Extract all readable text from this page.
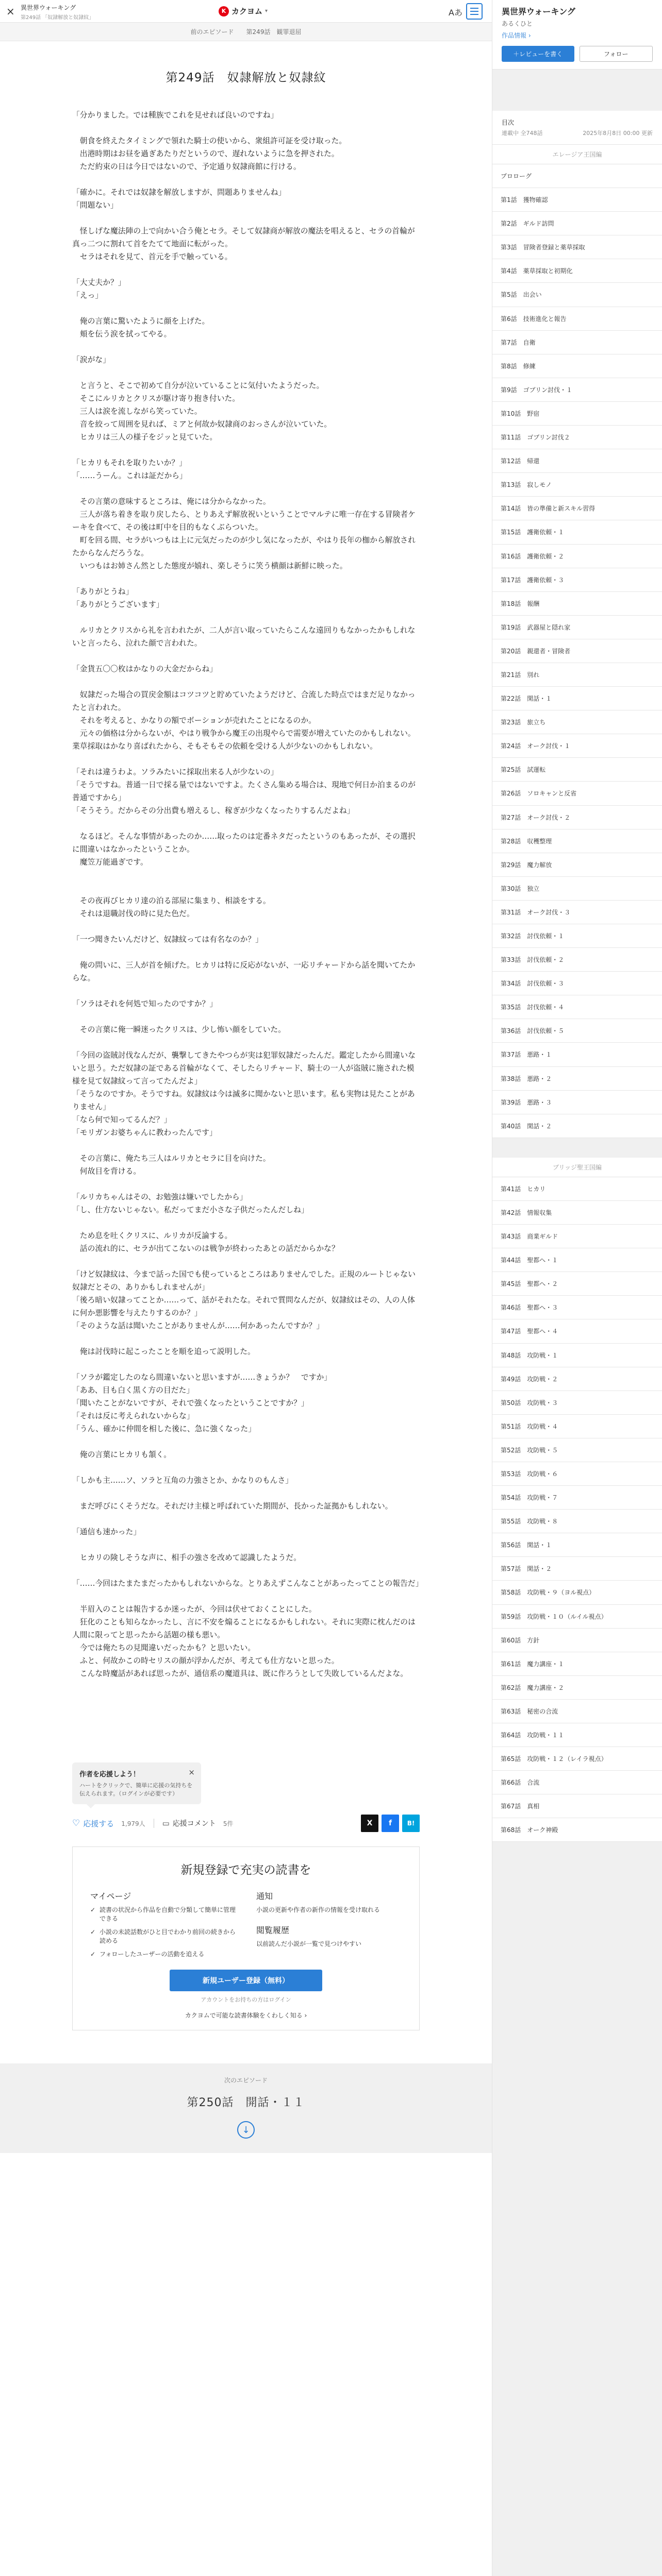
× 異世界ウォーキング
第249話 「奴隷解放と奴隷紋」
K カクヨム ▾	Aあ
前のエピソード 第249話　観罪退屈
第249話　奴隷解放と奴隷紋

「分かりました。では種族でこれを見せれば良いのですね」

　朝食を終えたタイミングで領れた騎士の使いから、衆組許可証を受け取った。

　出港時期はお昼を過ぎあたりだというので、遅れないように急を押された。

　ただ約束の日は今日ではないので、予定通り奴隷商館に行ける。

「確かに。それでは奴隷を解放しますが、問題ありませんね」

「問題ない」

　怪しげな魔法陣の上で向かい合う俺とセラ。そして奴隷商が解放の魔法を唱えると、セラの首輪が真っ二つに割れて首をたてて地面に転がった。

　セラはそれを見て、首元を手で触っている。

「大丈夫か？」

「えっ」

　俺の言葉に驚いたように顔を上げた。

　頬を伝う涙を拭ってやる。

「涙がな」

　と言うと、そこで初めて自分が泣いていることに気付いたようだった。

　そこにルリカとクリスが駆け寄り抱き付いた。

　三人は涙を流しながら笑っていた。

　音を絞って周囲を見れば、ミアと何故か奴隷商のおっさんが泣いていた。

　ヒカリは三人の様子をジッと見ていた。

「ヒカリもそれを取りたいか？」

「……うーん。これは証だから」

　その言葉の意味するところは、俺には分からなかった。

　三人が落ち着きを取り戻したら、とりあえず解放祝いということでマルテに唯一存在する冒険者ケーキを食べて、その後は町中を目的もなくぶらついた。

　町を回る間、セラがいつもは上に元気だったのが少し気になったが、やはり長年の枷から解放されたからなんだろうな。

　いつもはお姉さん然とした態度が嬉れ、楽しそうに笑う横顔は新鮮に映った。

「ありがとうね」

「ありがとうございます」

　ルリカとクリスから礼を言われたが、二人が言い取っていたらこんな遠回りもなかったかもしれないと言ったら、泣れた顔で言われた。

「金貨五〇〇枚はかなりの大金だからね」

　奴隷だった場合の買戻金額はコツコツと貯めていたようだけど、合流した時点ではまだ足りなかったと言われた。

　それを考えると、かなりの額でボーションが売れたことになるのか。

　元々の価格は分からないが、やはり戦争から魔王の出現やらで需要が増えていたのかもしれない。業草採取はかなり喜ばれたから、そもそもその依頼を受ける人が少ないのかもしれない。

「それは違うわよ。ソラみたいに採取出来る人が少ないの」

「そうですね。普通一日で採る量ではないですよ。たくさん集める場合は、現地で何日か泊まるのが普通ですから」

「そうそう。だからその分出費も増えるし、稼ぎが少なくなったりするんだよね」

　なるほど。そんな事情があったのか……取ったのは定番ネタだったというのもあったが、その選択に間違いはなかったということか。

　魔笠万能過ぎです。

　その夜再びヒカリ達の泊る部屋に集まり、相談をする。

　それは退職討伐の時に見た色だ。

「一つ聞きたいんだけど、奴隷紋っては有名なのか？」

　俺の問いに、三人が首を傾げた。ヒカリは特に反応がないが、一応リチャードから話を聞いてたからな。

「ソラはそれを何処で知ったのですか？」

　その言葉に俺一瞬迷ったクリスは、少し怖い顔をしていた。

「今回の盗賊討伐なんだが、襲撃してきたやつらが実は犯罪奴隷だったんだ。鑑定したから間違いないと思う。ただ奴隷の証である首輪がなくて、そしたらリチャード、騎士の一人が盗賊に施された模様を見て奴隷紋って言ってたんだよ」

「そうなのですか。そうですね。奴隷紋は今は滅多に聞かないと思います。私も実物は見たことがありません」

「なら何で知ってるんだ？」

「モリガンお婆ちゃんに教わったんです」

　その言葉に、俺たち三人はルリカとセラに目を向けた。

　何故目を背ける。

「ルリカちゃんはその、お勉強は嫌いでしたから」

「し、仕方ないじゃない。私だってまだ小さな子供だったんだしね」

　ため息を吐くクリスに、ルリカが反論する。

　話の流れ的に、セラが出てこないのは戦争が終わったあとの話だからかな？

「けど奴隷紋は、今まで話った国でも使っているところはありませんでした。正規のルートじゃない奴隷だとその、ありかもしれませんが」

「後ろ暗い奴隷ってことか……って、話がそれたな。それで質問なんだが、奴隷紋はその、人の人体に何か悪影響を与えたりするのか？」

「そのような話は聞いたことがありませんが……何かあったんですか？」

　俺は討伐時に起こったことを順を追って説明した。

「ソラが鑑定したのなら間違いないと思いますが……きょうか？　ですか」

「ああ、目も白く黒く方の目だた」

「聞いたことがないですが、それで強くなったということですか？」

「それは反に考えられないからな」

「うん、確かに仲間を相した後に、急に強くなった」

　俺の言葉にヒカリも頷く。

「しかも主……ソ、ソラと互角の力強さとか、かなりのもんさ」

　まだ呼びにくそうだな。それだけ主様と呼ばれていた期間が、長かった証拠かもしれない。

「通信も速かった」

　ヒカリの険しそうな声に、相手の強さを改めて認識したようだ。

「……今回はたまたまだったかもしれないからな。とりあえずこんなことがあったってことの報告だ」

　半眉入のことは報告するか迷ったが、今回は伏せておくことにした。

　狂化のことも知らなかったし、言に不安を煽ることになるかもしれない。それに実際に枕んだのは人間に限ってと思ったから話題の様も悪い。

　今では俺たちの見聞違いだったかも？と思いたい。

　ふと、何故かこの時セリスの顔が浮かんだが、考えても仕方ないと思った。

　こんな時魔話があれば思ったが、通信系の魔道具は、既に作ろうとして失敗しているんだよな。

作者を応援しよう！
ハートをクリックで、簡単に応援の気持ちを伝えられます。（ログインが必要です）
×
♡ 応援する 1,979人 ▭ 応援コメント 5件	X	f	B!
新規登録で充実の読書を
マイページ
✓ 読書の状況から作品を自動で分類して簡単に管理できる
✓ 小説の未読話数がひと目でわかり前回の続きから読める
✓ フォローしたユーザーの活動を追える
通知
小説の更新や作者の新作の情報を受け取れる
閲覧履歴
以前読んだ小説が一覧で見つけやすい
新規ユーザー登録（無料）
アカウントをお持ちの方はログイン
カクヨムで可能な読書体験をくわしく知る ›
次のエピソード
第250話　開話・１１
↓
異世界ウォーキング
あるくひと
作品情報 ›
＋レビューを書く	フォロー
目次
連載中 全748話	2025年8月8日 00:00 更新
エレージア王国編
プロローグ
第1話　獲物確認
第2話　ギルド訪問
第3話　冒険者登録と薬草採取
第4話　薬草採取と初期化
第5話　出会い
第6話　技術進化と報告
第7話　自衛
第8話　修練
第9話　ゴブリン討伐・１
第10話　野宿
第11話　ゴブリン討伐２
第12話　帰還
第13話　寂しモノ
第14話　皆の準備と新スキル習得
第15話　護衛依頼・１
第16話　護衛依頼・２
第17話　護衛依頼・３
第18話　報酬
第19話　武器屋と隠れ家
第20話　親還者・冒険者
第21話　別れ
第22話　閑話・１
第23話　旅立ち
第24話　オーク討伐・１
第25話　試運転
第26話　ソロキャンと反省
第27話　オーク討伐・２
第28話　収穫整理
第29話　魔力解放
第30話　独立
第31話　オーク討伐・３
第32話　討伐依頼・１
第33話　討伐依頼・２
第34話　討伐依頼・３
第35話　討伐依頼・４
第36話　討伐依頼・５
第37話　悪路・１
第38話　悪路・２
第39話　悪路・３
第40話　閑話・２
ブリッジ聖王国編
第41話　ヒカリ
第42話　情報収集
第43話　商業ギルド
第44話　聖都へ・１
第45話　聖都へ・２
第46話　聖都へ・３
第47話　聖都へ・４
第48話　攻防戦・１
第49話　攻防戦・２
第50話　攻防戦・３
第51話　攻防戦・４
第52話　攻防戦・５
第53話　攻防戦・６
第54話　攻防戦・７
第55話　攻防戦・８
第56話　閑話・１
第57話　閑話・２
第58話　攻防戦・９（ヨル視点）
第59話　攻防戦・１０（ルイル視点）
第60話　方針
第61話　魔力講座・１
第62話　魔力講座・２
第63話　秘密の合流
第64話　攻防戦・１１
第65話　攻防戦・１２（レイラ視点）
第66話　合流
第67話　真相
第68話　オーク神殿
